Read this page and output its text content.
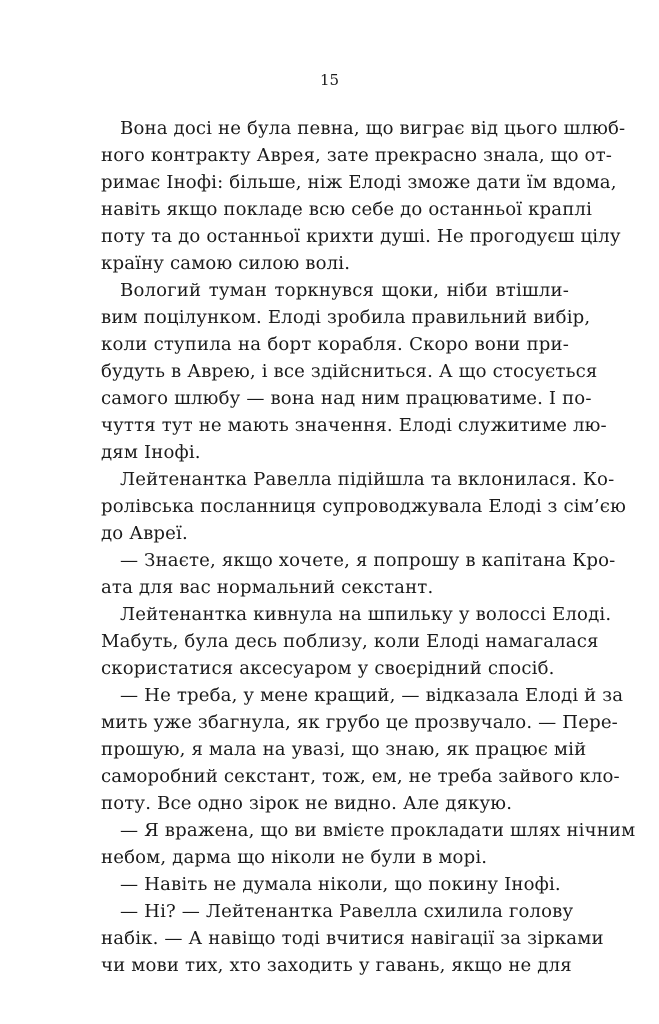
15
Вона досі не була певна, що виграє від цього шлюб-
ного контракту Аврея, зате прекрасно знала, що от-
римає Інофі: більше, ніж Елоді зможе дати їм вдома,
навіть якщо покладе всю себе до останньої краплі
поту та до останньої крихти душі. Не прогодуєш цілу
країну самою силою волі.
Вологий туман торкнувся щоки, ніби втішли-
вим поцілунком. Елоді зробила правильний вибір,
коли ступила на борт корабля. Скоро вони при-
будуть в Аврею, і все здійсниться. А що стосується
самого шлюбу — вона над ним працюватиме. І по-
чуття тут не мають значення. Елоді служитиме лю-
дям Інофі.
Лейтенантка Равелла підійшла та вклонилася. Ко-
ролівська посланниця супроводжувала Елоді з сім’єю
до Авреї.
— Знаєте, якщо хочете, я попрошу в капітана Кро-
ата для вас нормальний секстант.
Лейтенантка кивнула на шпильку у волоссі Елоді.
Мабуть, була десь поблизу, коли Елоді намагалася
скористатися аксесуаром у своєрідний спосіб.
— Не треба, у мене кращий, — відказала Елоді й за
мить уже збагнула, як грубо це прозвучало. — Пере-
прошую, я мала на увазі, що знаю, як працює мій
саморобний секстант, тож, ем, не треба зайвого кло-
поту. Все одно зірок не видно. Але дякую.
— Я вражена, що ви вмієте прокладати шлях нічним
небом, дарма що ніколи не були в морі.
— Навіть не думала ніколи, що покину Інофі.
— Ні? — Лейтенантка Равелла схилила голову
набік. — А навіщо тоді вчитися навігації за зірками
чи мови тих, хто заходить у гавань, якщо не для
